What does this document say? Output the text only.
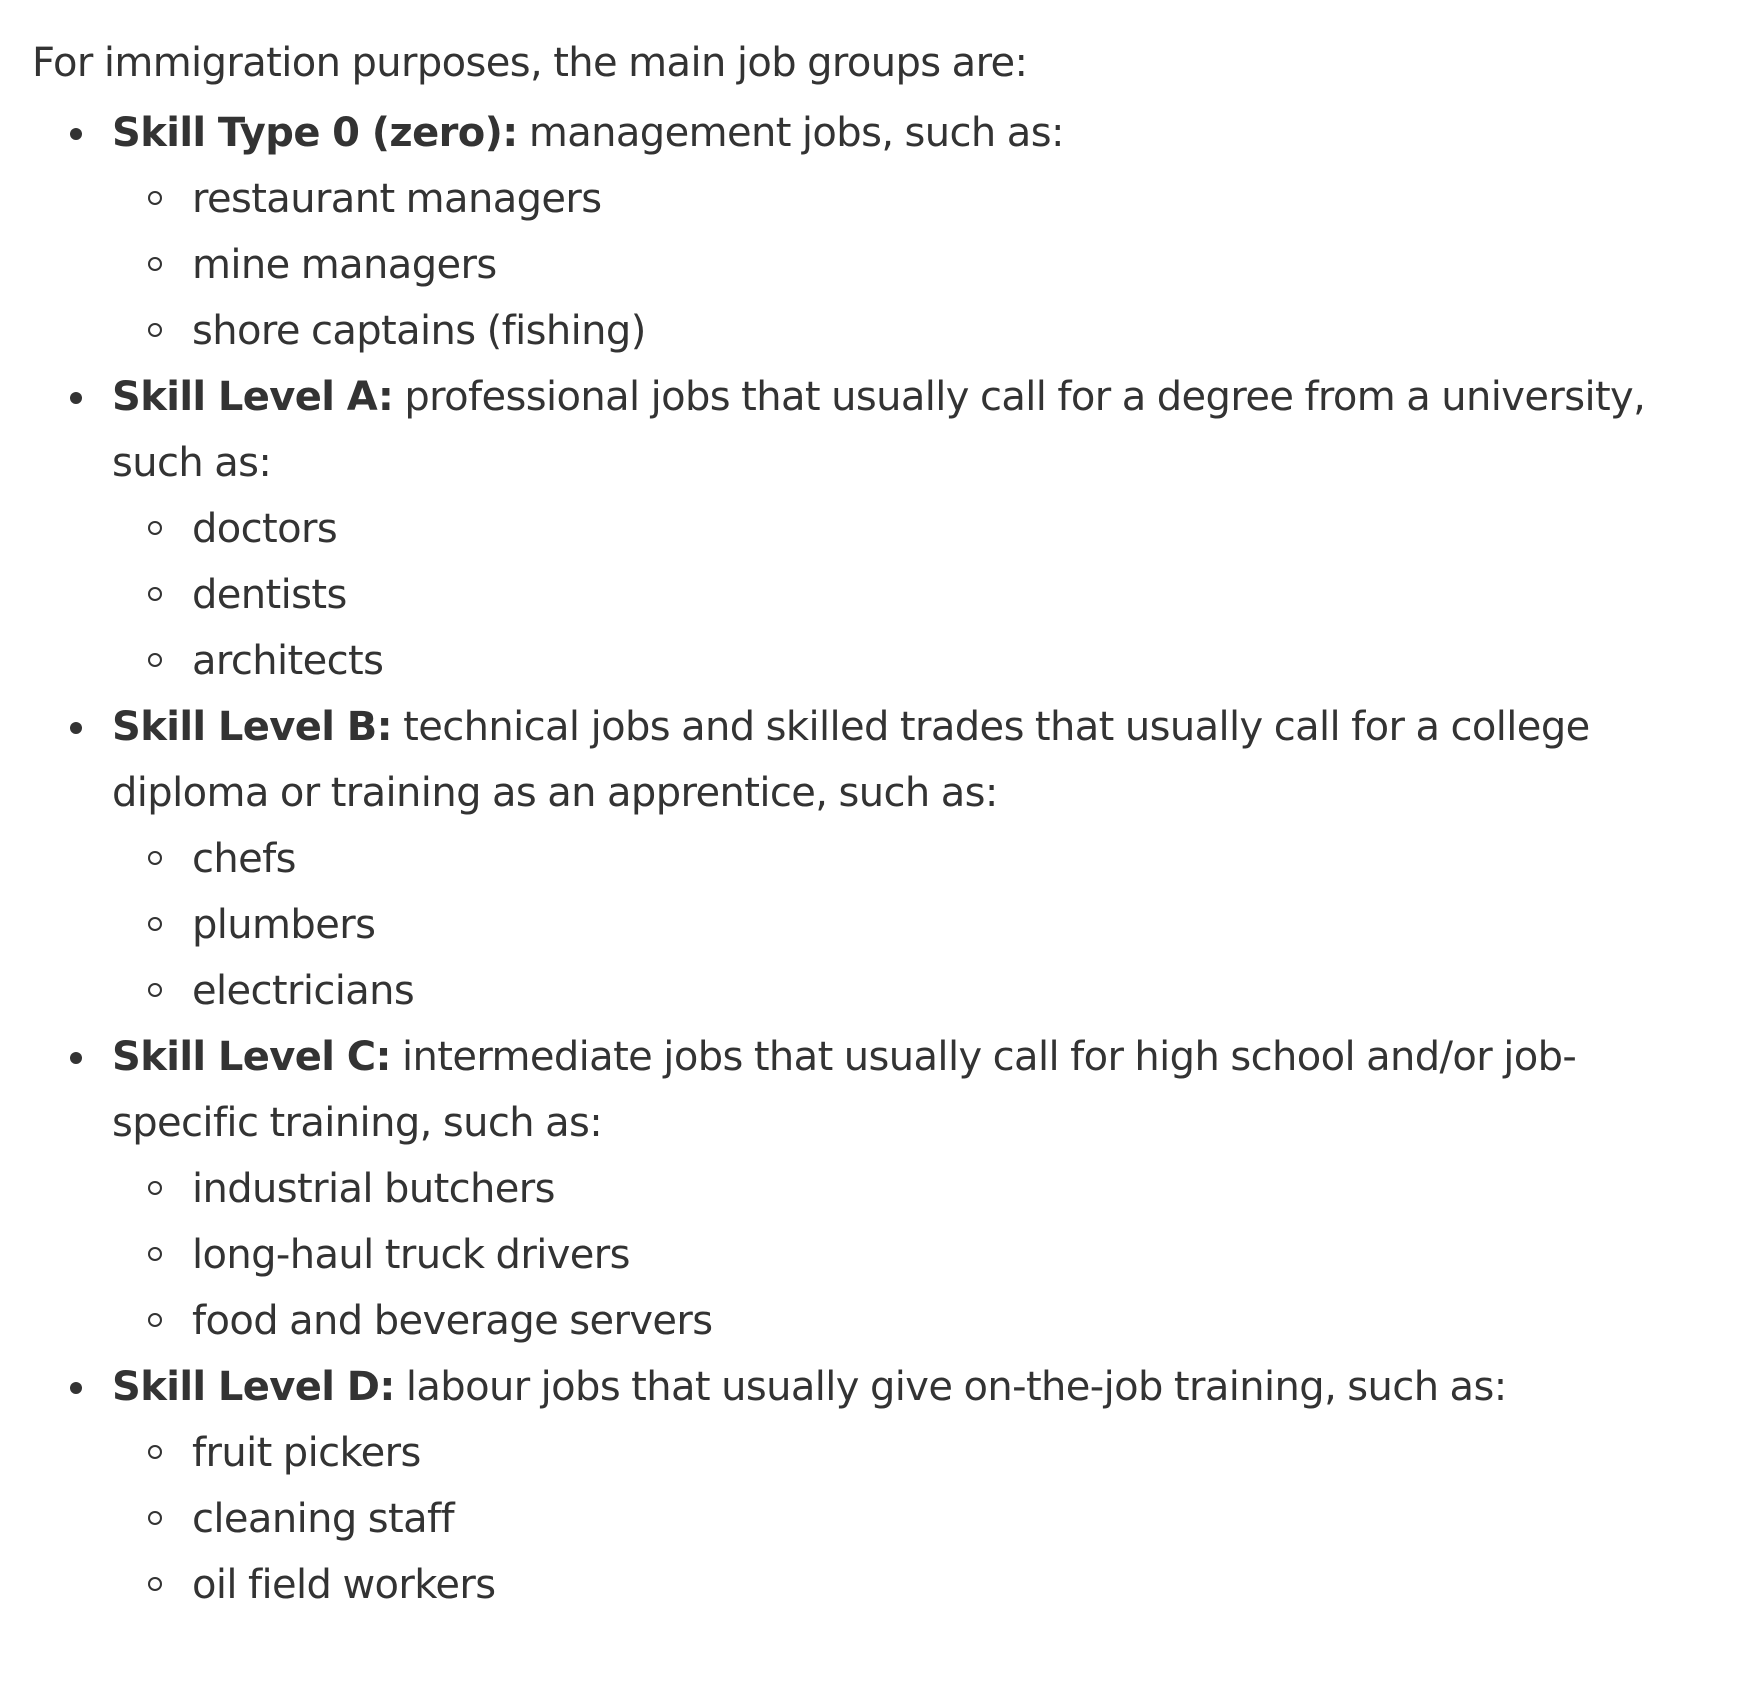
For immigration purposes, the main job groups are:

Skill Type 0 (zero): management jobs, such as:
restaurant managers
mine managers
shore captains (fishing)
Skill Level A: professional jobs that usually call for a degree from a university, such as:
doctors
dentists
architects
Skill Level B: technical jobs and skilled trades that usually call for a college diploma or training as an apprentice, such as:
chefs
plumbers
electricians
Skill Level C: intermediate jobs that usually call for high school and/or job-specific training, such as:
industrial butchers
long-haul truck drivers
food and beverage servers
Skill Level D: labour jobs that usually give on-the-job training, such as:
fruit pickers
cleaning staff
oil field workers
